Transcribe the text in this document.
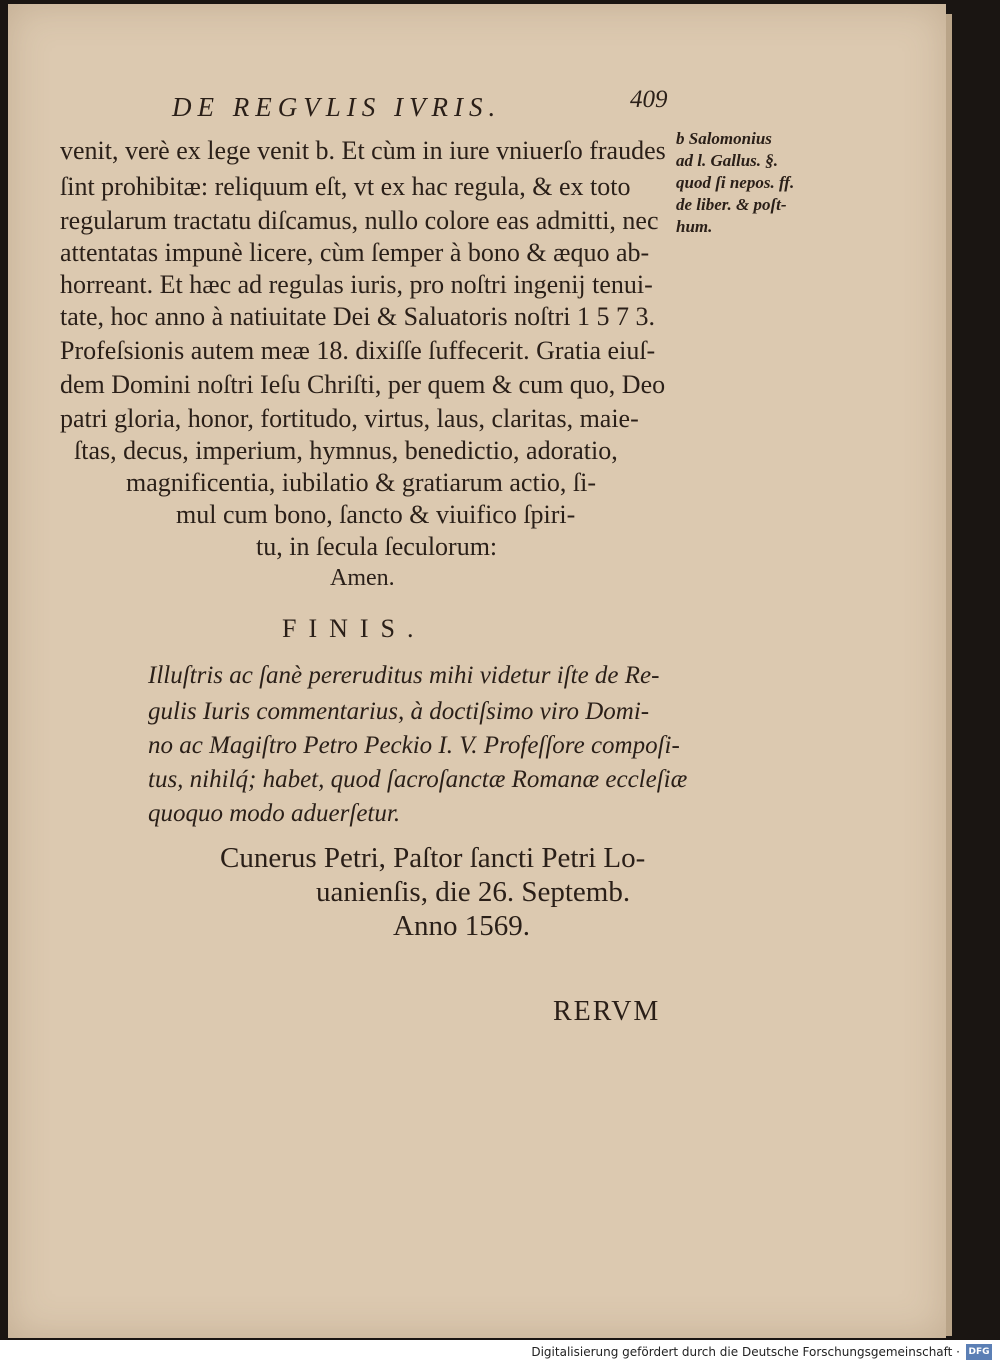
DE REGVLIS IVRIS.	409
venit, verè ex lege venit b. Et cùm in iure vniuerſo fraudes
ſint prohibitæ: reliquum eſt, vt ex hac regula, & ex toto
regularum tractatu diſcamus, nullo colore eas admitti, nec
attentatas impunè licere, cùm ſemper à bono & æquo ab-
horreant. Et hæc ad regulas iuris, pro noſtri ingenij tenui-
tate, hoc anno à natiuitate Dei & Saluatoris noſtri 1 5 7 3.
Profeſsionis autem meæ 18. dixiſſe ſuffecerit. Gratia eiuſ-
dem Domini noſtri Ieſu Chriſti, per quem & cum quo, Deo
patri gloria, honor, fortitudo, virtus, laus, claritas, maie-
ſtas, decus, imperium, hymnus, benedictio, adoratio,
magnificentia, iubilatio & gratiarum actio, ſi-
mul cum bono, ſancto & viuifico ſpiri-
tu, in ſecula ſeculorum:
Amen.
b Salomonius
ad l. Gallus. §.
quod ſi nepos. ff.
de liber. & poſt-
hum.
FINIS.
Illuſtris ac ſanè pereruditus mihi videtur iſte de Re-
gulis Iuris commentarius, à doctiſsimo viro Domi-
no ac Magiſtro Petro Peckio I. V. Profeſſore compoſi-
tus, nihilq́; habet, quod ſacroſanctæ Romanæ eccleſiæ
quoquo modo aduerſetur.
Cunerus Petri, Paſtor ſancti Petri Lo-
uanienſis, die 26. Septemb.
Anno 1569.
RERVM
Digitalisierung gefördert durch die Deutsche Forschungsgemeinschaft · DFG
